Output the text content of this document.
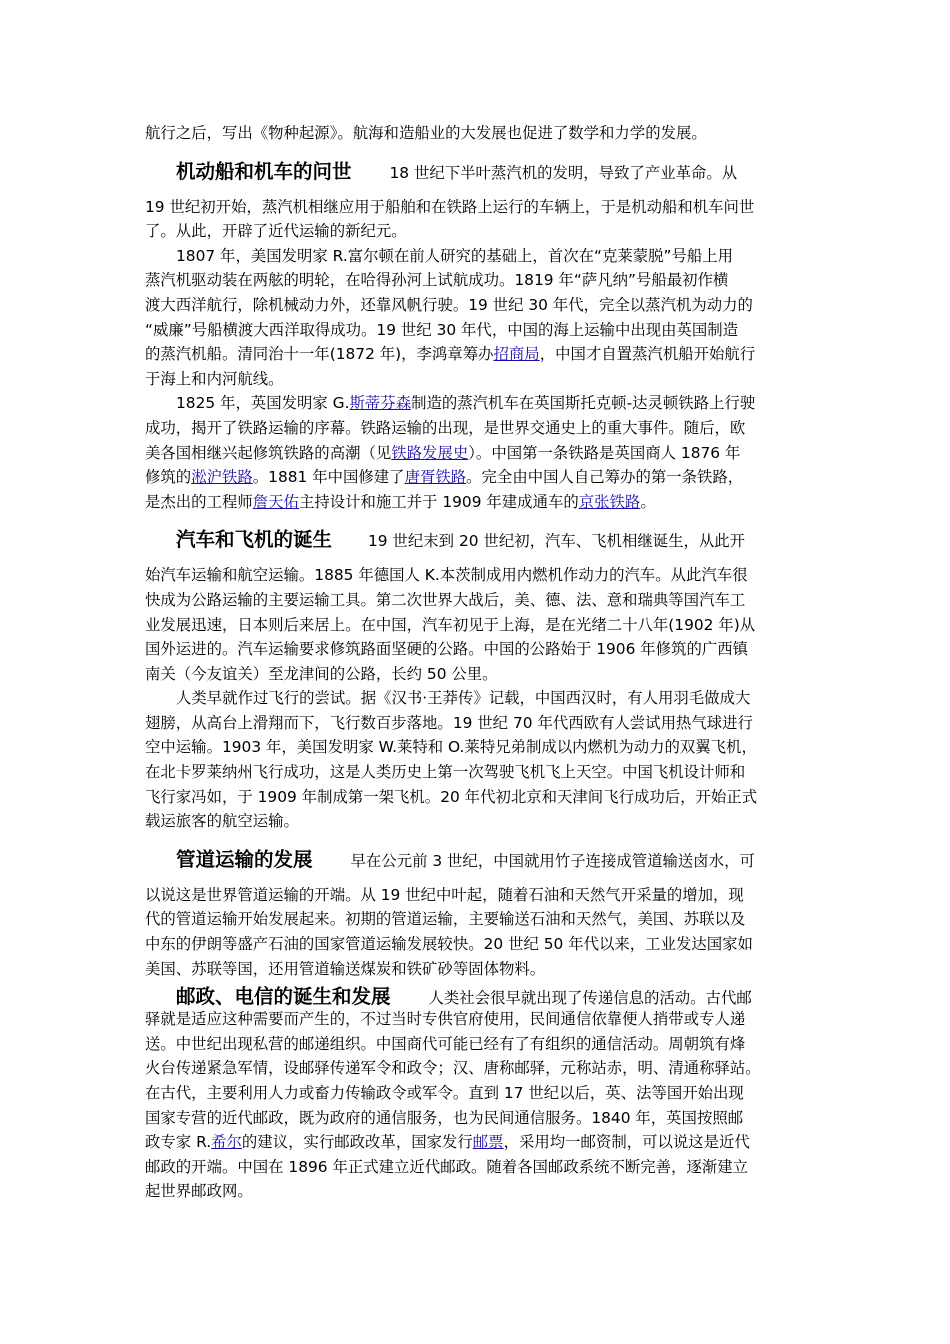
航行之后，写出《物种起源》。航海和造船业的大发展也促进了数学和力学的发展。
机动船和机车的问世 18 世纪下半叶蒸汽机的发明，导致了产业革命。从
19 世纪初开始，蒸汽机相继应用于船舶和在铁路上运行的车辆上，于是机动船和机车问世
了。从此，开辟了近代运输的新纪元。
1807 年，美国发明家 R.富尔顿在前人研究的基础上，首次在“克莱蒙脱”号船上用
蒸汽机驱动装在两舷的明轮，在哈得孙河上试航成功。1819 年“萨凡纳”号船最初作横
渡大西洋航行，除机械动力外，还靠风帆行驶。19 世纪 30 年代，完全以蒸汽机为动力的
“威廉”号船横渡大西洋取得成功。19 世纪 30 年代，中国的海上运输中出现由英国制造
的蒸汽机船。清同治十一年(1872 年)，李鸿章筹办招商局，中国才自置蒸汽机船开始航行
于海上和内河航线。
1825 年，英国发明家 G.斯蒂芬森制造的蒸汽机车在英国斯托克顿-达灵顿铁路上行驶
成功，揭开了铁路运输的序幕。铁路运输的出现，是世界交通史上的重大事件。随后，欧
美各国相继兴起修筑铁路的高潮（见铁路发展史）。中国第一条铁路是英国商人 1876 年
修筑的淞沪铁路。1881 年中国修建了唐胥铁路。完全由中国人自己筹办的第一条铁路，
是杰出的工程师詹天佑主持设计和施工并于 1909 年建成通车的京张铁路。
汽车和飞机的诞生 19 世纪末到 20 世纪初，汽车、飞机相继诞生，从此开
始汽车运输和航空运输。1885 年德国人 K.本茨制成用内燃机作动力的汽车。从此汽车很
快成为公路运输的主要运输工具。第二次世界大战后，美、德、法、意和瑞典等国汽车工
业发展迅速，日本则后来居上。在中国，汽车初见于上海，是在光绪二十八年(1902 年)从
国外运进的。汽车运输要求修筑路面坚硬的公路。中国的公路始于 1906 年修筑的广西镇
南关（今友谊关）至龙津间的公路，长约 50 公里。
人类早就作过飞行的尝试。据《汉书·王莽传》记载，中国西汉时，有人用羽毛做成大
翅膀，从高台上滑翔而下，飞行数百步落地。19 世纪 70 年代西欧有人尝试用热气球进行
空中运输。1903 年，美国发明家 W.莱特和 O.莱特兄弟制成以内燃机为动力的双翼飞机，
在北卡罗莱纳州飞行成功，这是人类历史上第一次驾驶飞机飞上天空。中国飞机设计师和
飞行家冯如，于 1909 年制成第一架飞机。20 年代初北京和天津间飞行成功后，开始正式
载运旅客的航空运输。
管道运输的发展 早在公元前 3 世纪，中国就用竹子连接成管道输送卤水，可
以说这是世界管道运输的开端。从 19 世纪中叶起，随着石油和天然气开采量的增加，现
代的管道运输开始发展起来。初期的管道运输，主要输送石油和天然气，美国、苏联以及
中东的伊朗等盛产石油的国家管道运输发展较快。20 世纪 50 年代以来，工业发达国家如
美国、苏联等国，还用管道输送煤炭和铁矿砂等固体物料。
邮政、电信的诞生和发展 人类社会很早就出现了传递信息的活动。古代邮
驿就是适应这种需要而产生的，不过当时专供官府使用，民间通信依靠便人捎带或专人递
送。中世纪出现私营的邮递组织。中国商代可能已经有了有组织的通信活动。周朝筑有烽
火台传递紧急军情，设邮驿传递军令和政令；汉、唐称邮驿，元称站赤，明、清通称驿站。
在古代，主要利用人力或畜力传输政令或军令。直到 17 世纪以后，英、法等国开始出现
国家专营的近代邮政，既为政府的通信服务，也为民间通信服务。1840 年，英国按照邮
政专家 R.希尔的建议，实行邮政改革，国家发行邮票，采用均一邮资制，可以说这是近代
邮政的开端。中国在 1896 年正式建立近代邮政。随着各国邮政系统不断完善，逐渐建立
起世界邮政网。
